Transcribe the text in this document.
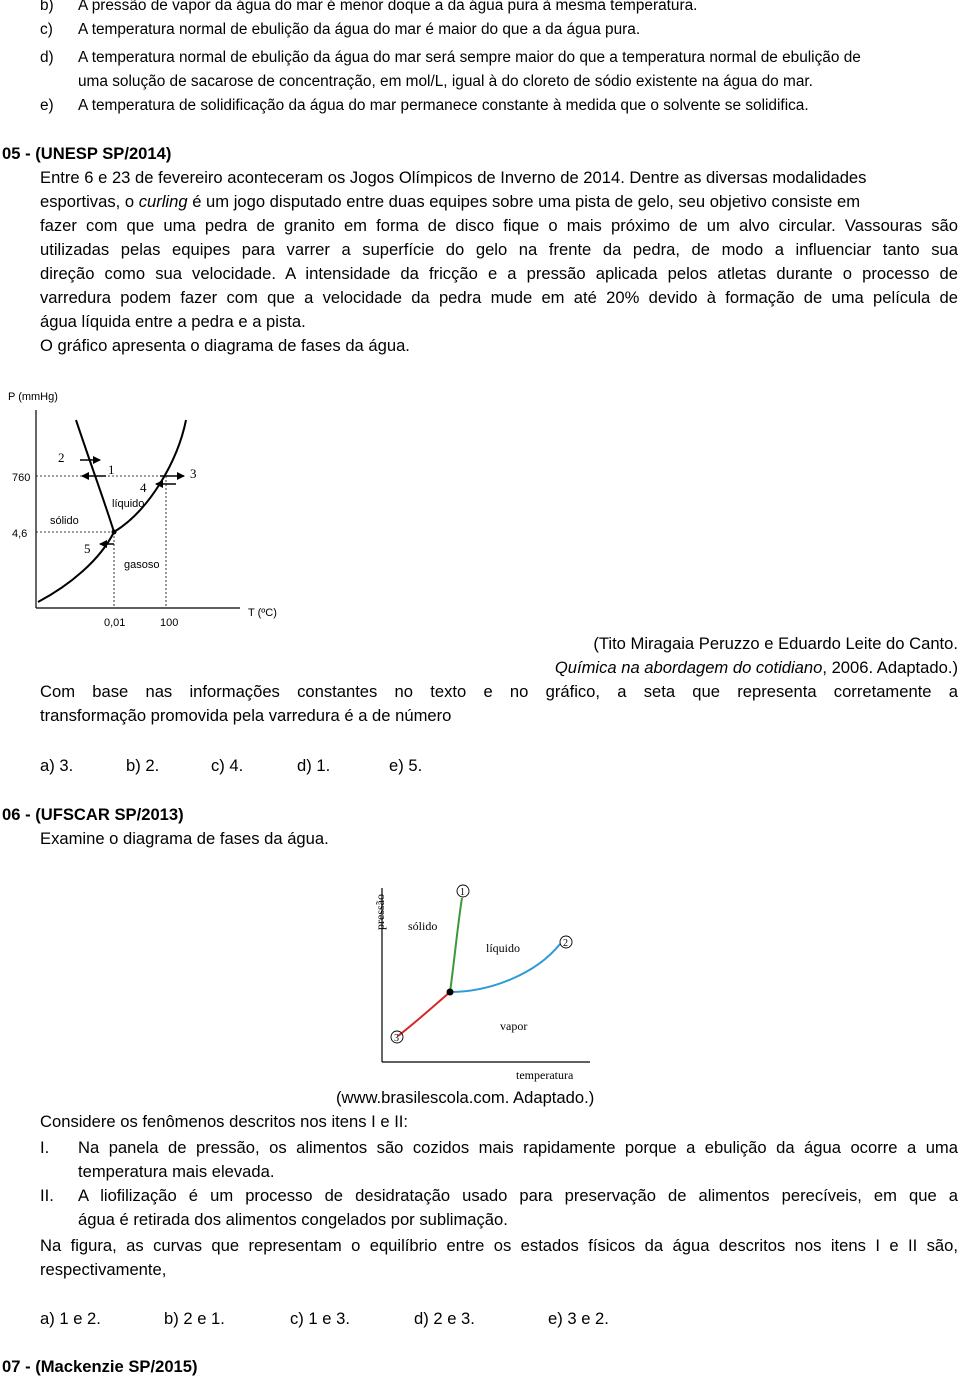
b) A pressão de vapor da água do mar é menor doque a da água pura à mesma temperatura.
c) A temperatura normal de ebulição da água do mar é maior do que a da água pura.
d) A temperatura normal de ebulição da água do mar será sempre maior do que a temperatura normal de ebulição de
uma solução de sacarose de concentração, em mol/L, igual à do cloreto de sódio existente na água do mar.
e) A temperatura de solidificação da água do mar permanece constante à medida que o solvente se solidifica.
05 - (UNESP SP/2014)
Entre 6 e 23 de fevereiro aconteceram os Jogos Olímpicos de Inverno de 2014. Dentre as diversas modalidades
esportivas, o curling é um jogo disputado entre duas equipes sobre uma pista de gelo, seu objetivo consiste em
fazer com que uma pedra de granito em forma de disco fique o mais próximo de um alvo circular. Vassouras são
utilizadas pelas equipes para varrer a superfície do gelo na frente da pedra, de modo a influenciar tanto sua
direção como sua velocidade. A intensidade da fricção e a pressão aplicada pelos atletas durante o processo de
varredura podem fazer com que a velocidade da pedra mude em até 20% devido à formação de uma película de
água líquida entre a pedra e a pista.
O gráfico apresenta o diagrama de fases da água.
P (mmHg)
T (ºC)
760
4,6
0,01	100
sólido
líquido
gasoso
2
1	3
4
5
(Tito Miragaia Peruzzo e Eduardo Leite do Canto.
Química na abordagem do cotidiano, 2006. Adaptado.)
Com base nas informações constantes no texto e no gráfico, a seta que representa corretamente a
transformação promovida pela varredura é a de número
a) 3.	b) 2.	c) 4.	d) 1.	e) 5.
06 - (UFSCAR SP/2013)
Examine o diagrama de fases da água.
pressão
temperatura
1
2
3
sólido
líquido
vapor
(www.brasilescola.com. Adaptado.)
Considere os fenômenos descritos nos itens I e II:
I. Na panela de pressão, os alimentos são cozidos mais rapidamente porque a ebulição da água ocorre a uma
temperatura mais elevada.
II. A liofilização é um processo de desidratação usado para preservação de alimentos perecíveis, em que a
água é retirada dos alimentos congelados por sublimação.
Na figura, as curvas que representam o equilíbrio entre os estados físicos da água descritos nos itens I e II são,
respectivamente,
a) 1 e 2.	b) 2 e 1.	c) 1 e 3.	d) 2 e 3.	e) 3 e 2.
07 - (Mackenzie SP/2015)
